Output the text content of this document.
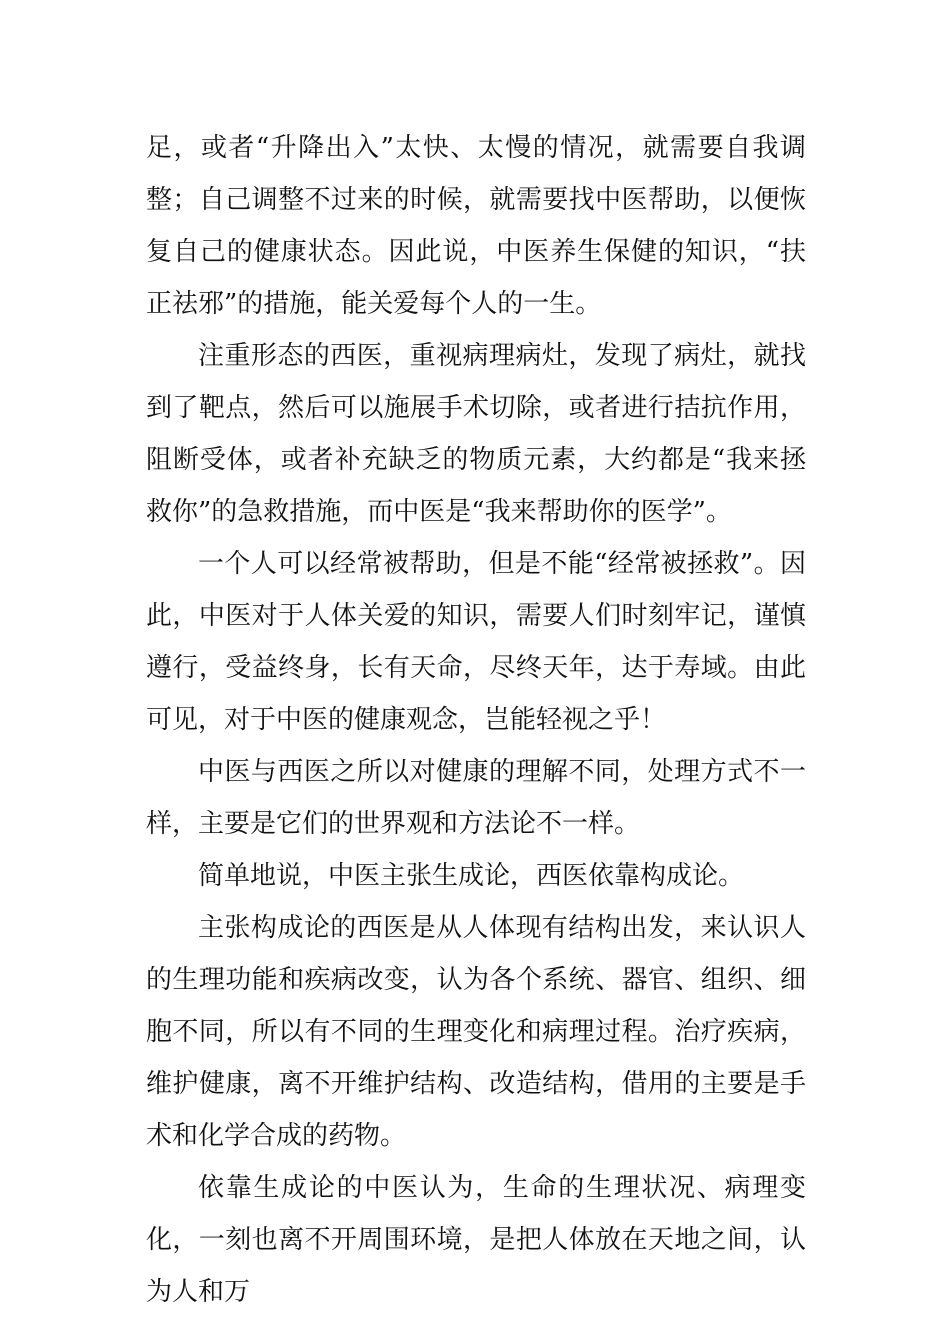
足，或者“升降出入”太快、太慢的情况，就需要自我调整；自己调整不过来的时候，就需要找中医帮助，以便恢复自己的健康状态。因此说，中医养生保健的知识，“扶正祛邪”的措施，能关爱每个人的一生。

注重形态的西医，重视病理病灶，发现了病灶，就找到了靶点，然后可以施展手术切除，或者进行拮抗作用，阻断受体，或者补充缺乏的物质元素，大约都是“我来拯救你”的急救措施，而中医是“我来帮助你的医学”。

一个人可以经常被帮助，但是不能“经常被拯救”。因此，中医对于人体关爱的知识，需要人们时刻牢记，谨慎遵行，受益终身，长有天命，尽终天年，达于寿域。由此可见，对于中医的健康观念，岂能轻视之乎！

中医与西医之所以对健康的理解不同，处理方式不一样，主要是它们的世界观和方法论不一样。

简单地说，中医主张生成论，西医依靠构成论。

主张构成论的西医是从人体现有结构出发，来认识人的生理功能和疾病改变，认为各个系统、器官、组织、细胞不同，所以有不同的生理变化和病理过程。治疗疾病，维护健康，离不开维护结构、改造结构，借用的主要是手术和化学合成的药物。

依靠生成论的中医认为，生命的生理状况、病理变化，一刻也离不开周围环境，是把人体放在天地之间，认为人和万
